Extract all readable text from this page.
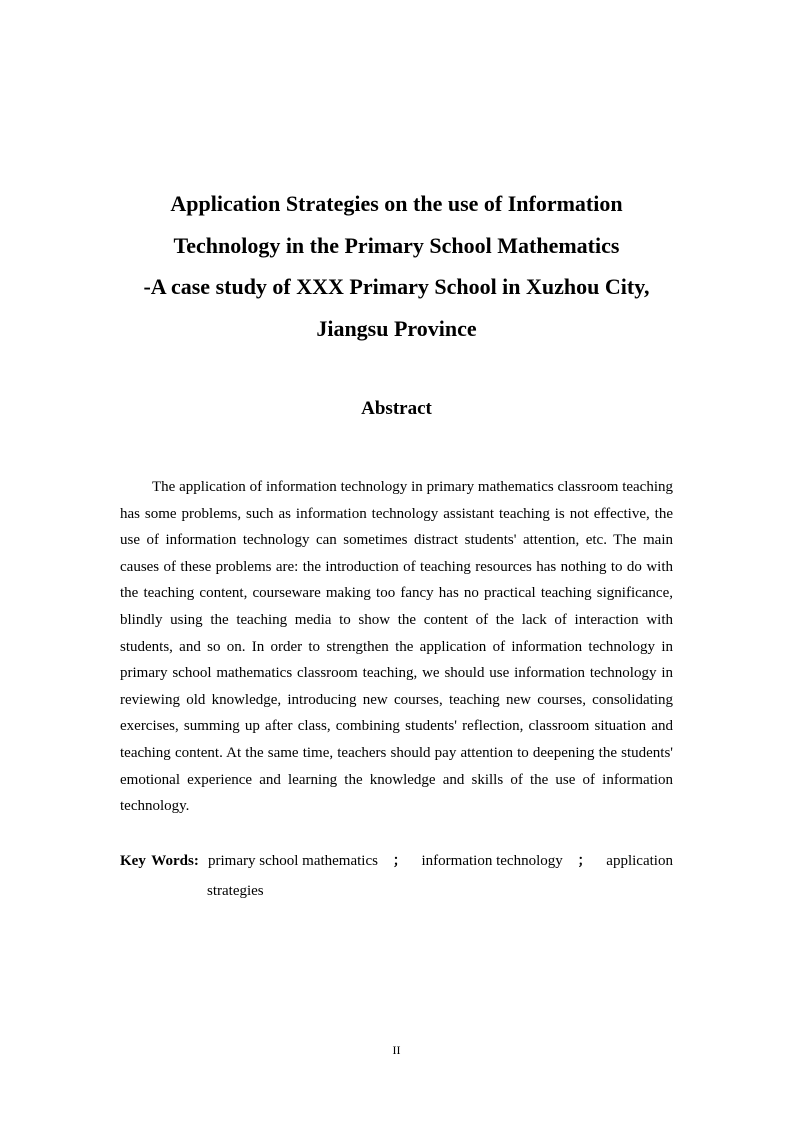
Application Strategies on the use of Information
Technology in the Primary School Mathematics
-A case study of XXX Primary School in Xuzhou City,
Jiangsu Province
Abstract

The application of information technology in primary mathematics classroom teaching has some problems, such as information technology assistant teaching is not effective, the use of information technology can sometimes distract students' attention, etc. The main causes of these problems are: the introduction of teaching resources has nothing to do with the teaching content, courseware making too fancy has no practical teaching significance, blindly using the teaching media to show the content of the lack of interaction with students, and so on. In order to strengthen the application of information technology in primary school mathematics classroom teaching, we should use information technology in reviewing old knowledge, introducing new courses, teaching new courses, consolidating exercises, summing up after class, combining students' reflection, classroom situation and teaching content. At the same time, teachers should pay attention to deepening the students' emotional experience and learning the knowledge and skills of the use of information technology.

Key Words: primary school mathematics ； information technology ； application
strategies
II
